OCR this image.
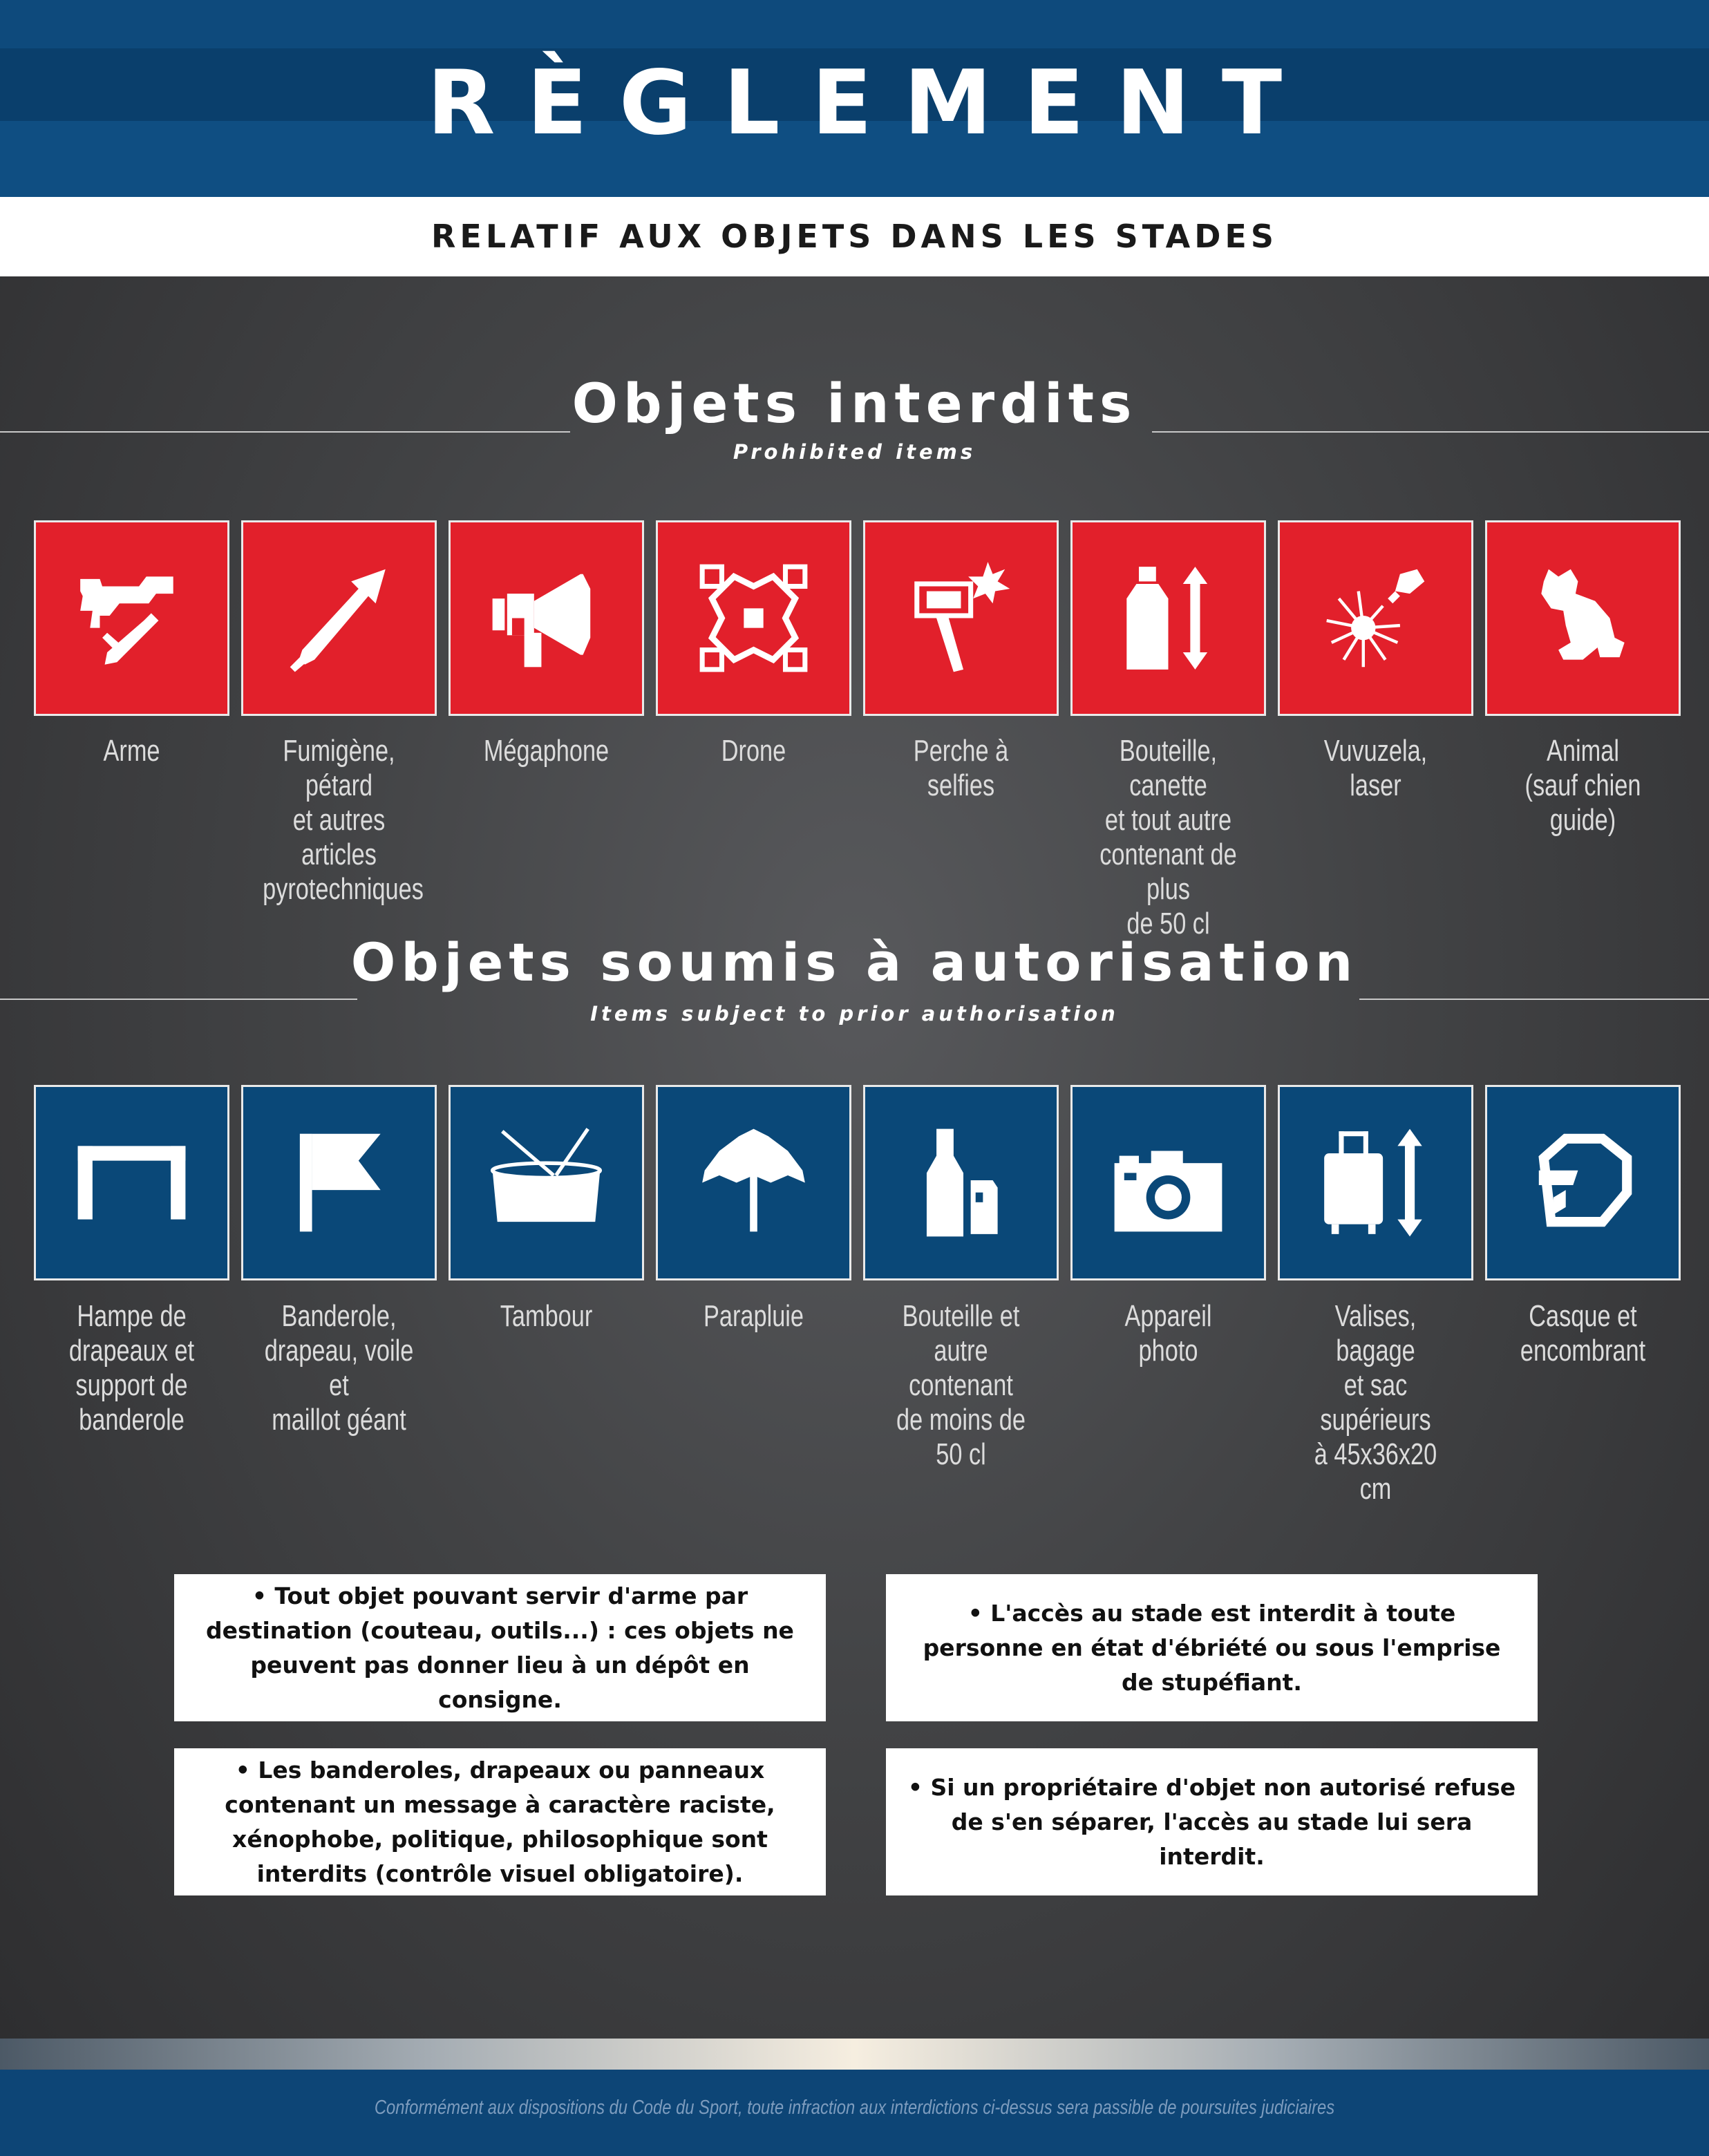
RÈGLEMENT
RELATIF AUX OBJETS DANS LES STADES
Objets interdits
Prohibited items
Arme	Fumigène, pétard
et autres articles
pyrotechniques
Mégaphone	Drone	Perche à selfies
Bouteille, canette
et tout autre
contenant de plus
de 50 cl
Vuvuzela, laser
Animal
(sauf chien
guide)
Objets soumis à autorisation
Items subject to prior authorisation
Hampe de
drapeaux et
support de
banderole
Banderole,
drapeau, voile et
maillot géant
Tambour	Parapluie	Bouteille et
autre contenant
de moins de 50 cl
Appareil photo
Valises, bagage
et sac supérieurs
à 45x36x20 cm
Casque et
encombrant

• Tout objet pouvant servir d'arme par destination (couteau, outils...) : ces objets ne peuvent pas donner lieu à un dépôt en consigne.

• L'accès au stade est interdit à toute personne en état d'ébriété ou sous l'emprise de stupéfiant.

• Les banderoles, drapeaux ou panneaux contenant un message à caractère raciste, xénophobe, politique, philosophique sont interdits (contrôle visuel obligatoire).

• Si un propriétaire d'objet non autorisé refuse de s'en séparer, l'accès au stade lui sera interdit.

Conformément aux dispositions du Code du Sport, toute infraction aux interdictions ci-dessus sera passible de poursuites judiciaires
